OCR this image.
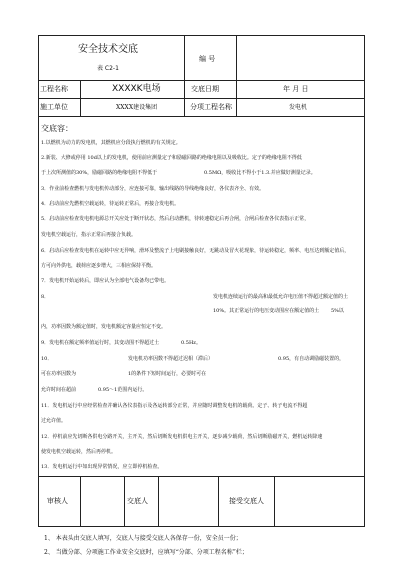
安全技术交底
表 C2-1
编 号
工程名称	XXXXK电场	交底日期	年 月 日
施工单位	XXXX建设集团	分项工程名称	发电机
交底容：
1.以燃机为动力的发电机，其燃机应分段执行燃机的有关规定。
2.新装、大修或停用 10d以上的发电机，使用前应测量定子和励磁回路的绝缘电阻以及吸收比。定子的绝缘电阻不得低
于上次所测值的30%，励磁回路的绝缘电阻不得低于	0.5MΩ，吸收比不得小于1.3.并应做好测量记录。
3．作业前检查燃机与发电机传动部分，应连接可靠，输出线路的导线绝缘良好，各仪表齐全、有效。
4．启动前应先燃机空载运转，待运转正常后，再接合发电机。
5．启动前应检查发电机电源总开关应处于断开状态，然后启动燃机，待转速稳定后再合闸，合闸后检查各仪表指示正常，
发电机空载运行，指示正常后再接合负载。
6．启动后应检查发电机在运转中应无异响，滑环及整流子上电刷接触良好，无跳动及冒火花现象，待运转稳定，频率、电压达到额定值后，
方可向外供电，载荷应逐步增大，三相应保持平衡。
7．发电机开始运转后，即应认为全部电气设备均已带电。
8．	发电机连续运行的最高和最低允许电压值不得超过额定值的土
10%。其正常运行的电压变动围应在额定值的土 5%以
内，功率因数为额定值时，发电机额定容量应恒定不变。
9．发电机在额定频率值运行时，其变动围不得超过土	0.5Hz。
10．	发电机功率因数不得超过迟相（滞后）	0.95，有自动调励磁装置的，
可在功率因数为	1的条件下短时间运行，必要时可在
允许时间在超前	0.95～1范围内运行。
11．发电机运行中应经常检查并确认各仪表指示及各运转部分正常，并应随时调整发电机的载荷。定子、转子电流不得超
过允许值。
12．停机前应先切断各供电分路开关，主开关，然后切断发电机供电主开关，逐步减少载荷，然后切断励磁开关，燃机运转降速
使发电机空载运转，然后再停机。
13．发电机运行中如出现异常情况，应立即停机检查。
审核人	交底人	接受交底人
1、 本表头由交底人填写，交底人与接受交底人各保存一份，安全员一份；
2、 当做分部、分项施工作业安全交底时，应填写“分部、分项工程名称”栏；
